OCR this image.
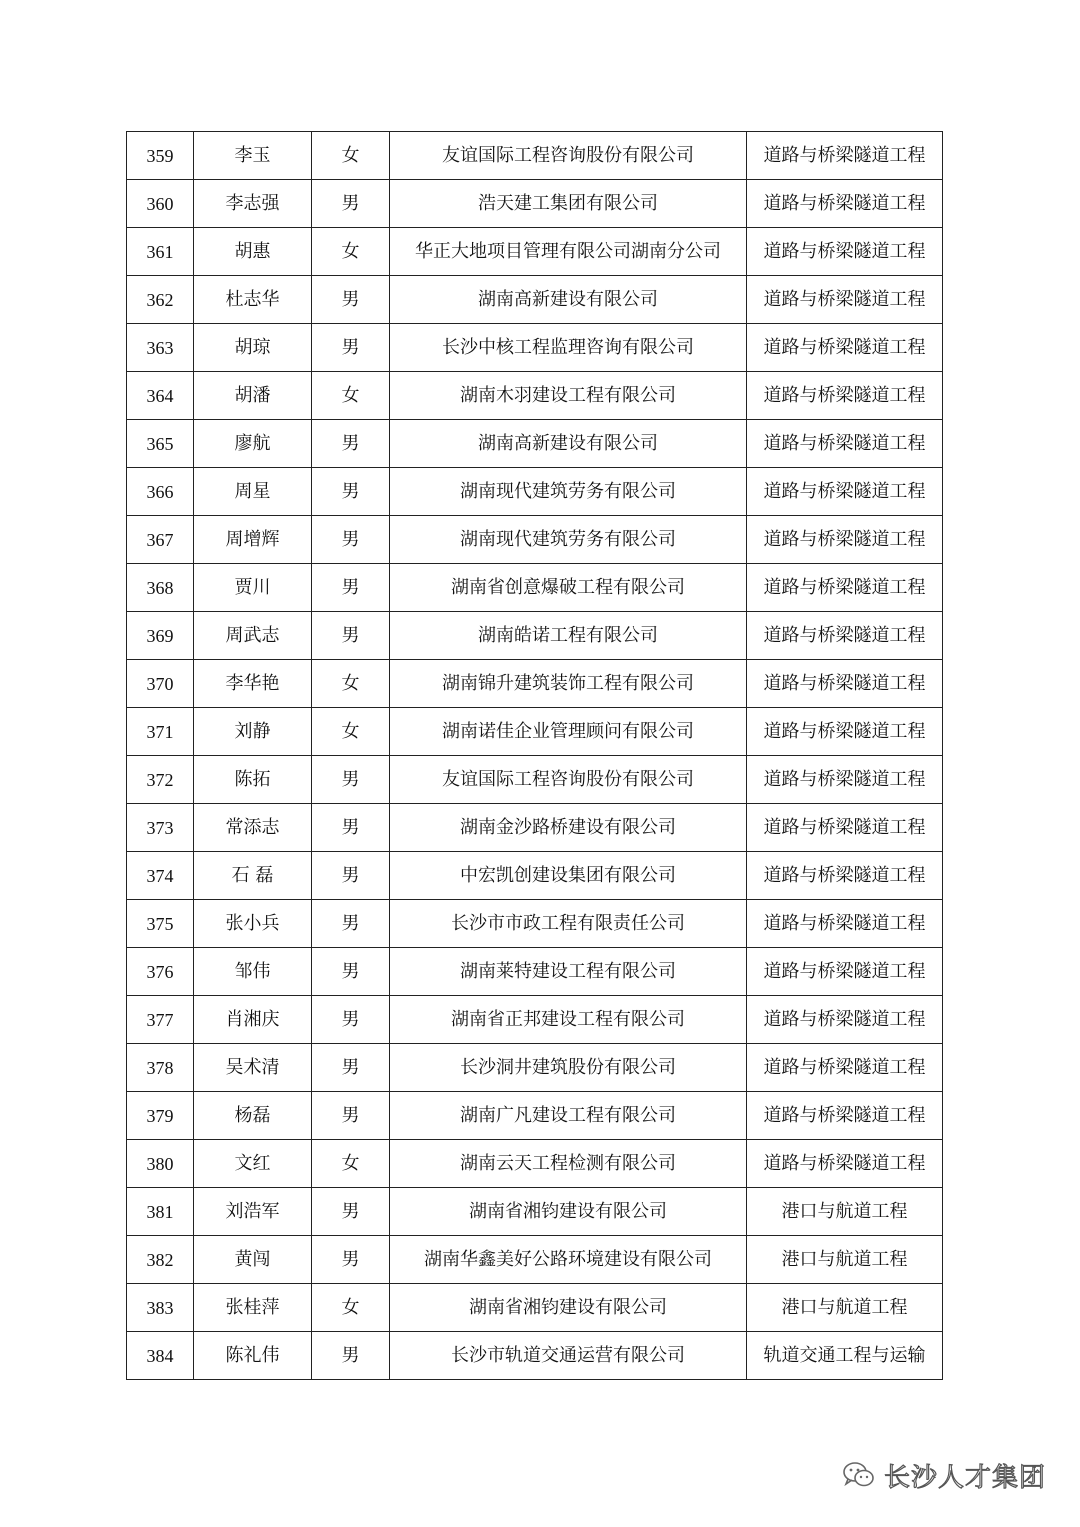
359	李玉	女	友谊国际工程咨询股份有限公司	道路与桥梁隧道工程
360	李志强	男	浩天建工集团有限公司	道路与桥梁隧道工程
361	胡惠	女	华正大地项目管理有限公司湖南分公司	道路与桥梁隧道工程
362	杜志华	男	湖南高新建设有限公司	道路与桥梁隧道工程
363	胡琼	男	长沙中核工程监理咨询有限公司	道路与桥梁隧道工程
364	胡潘	女	湖南木羽建设工程有限公司	道路与桥梁隧道工程
365	廖航	男	湖南高新建设有限公司	道路与桥梁隧道工程
366	周星	男	湖南现代建筑劳务有限公司	道路与桥梁隧道工程
367	周增辉	男	湖南现代建筑劳务有限公司	道路与桥梁隧道工程
368	贾川	男	湖南省创意爆破工程有限公司	道路与桥梁隧道工程
369	周武志	男	湖南皓诺工程有限公司	道路与桥梁隧道工程
370	李华艳	女	湖南锦升建筑装饰工程有限公司	道路与桥梁隧道工程
371	刘静	女	湖南诺佳企业管理顾问有限公司	道路与桥梁隧道工程
372	陈拓	男	友谊国际工程咨询股份有限公司	道路与桥梁隧道工程
373	常添志	男	湖南金沙路桥建设有限公司	道路与桥梁隧道工程
374	石 磊	男	中宏凯创建设集团有限公司	道路与桥梁隧道工程
375	张小兵	男	长沙市市政工程有限责任公司	道路与桥梁隧道工程
376	邹伟	男	湖南莱特建设工程有限公司	道路与桥梁隧道工程
377	肖湘庆	男	湖南省正邦建设工程有限公司	道路与桥梁隧道工程
378	吴术清	男	长沙洞井建筑股份有限公司	道路与桥梁隧道工程
379	杨磊	男	湖南广凡建设工程有限公司	道路与桥梁隧道工程
380	文红	女	湖南云天工程检测有限公司	道路与桥梁隧道工程
381	刘浩军	男	湖南省湘钧建设有限公司	港口与航道工程
382	黄闯	男	湖南华鑫美好公路环境建设有限公司	港口与航道工程
383	张桂萍	女	湖南省湘钧建设有限公司	港口与航道工程
384	陈礼伟	男	长沙市轨道交通运营有限公司	轨道交通工程与运输
长沙人才集团
